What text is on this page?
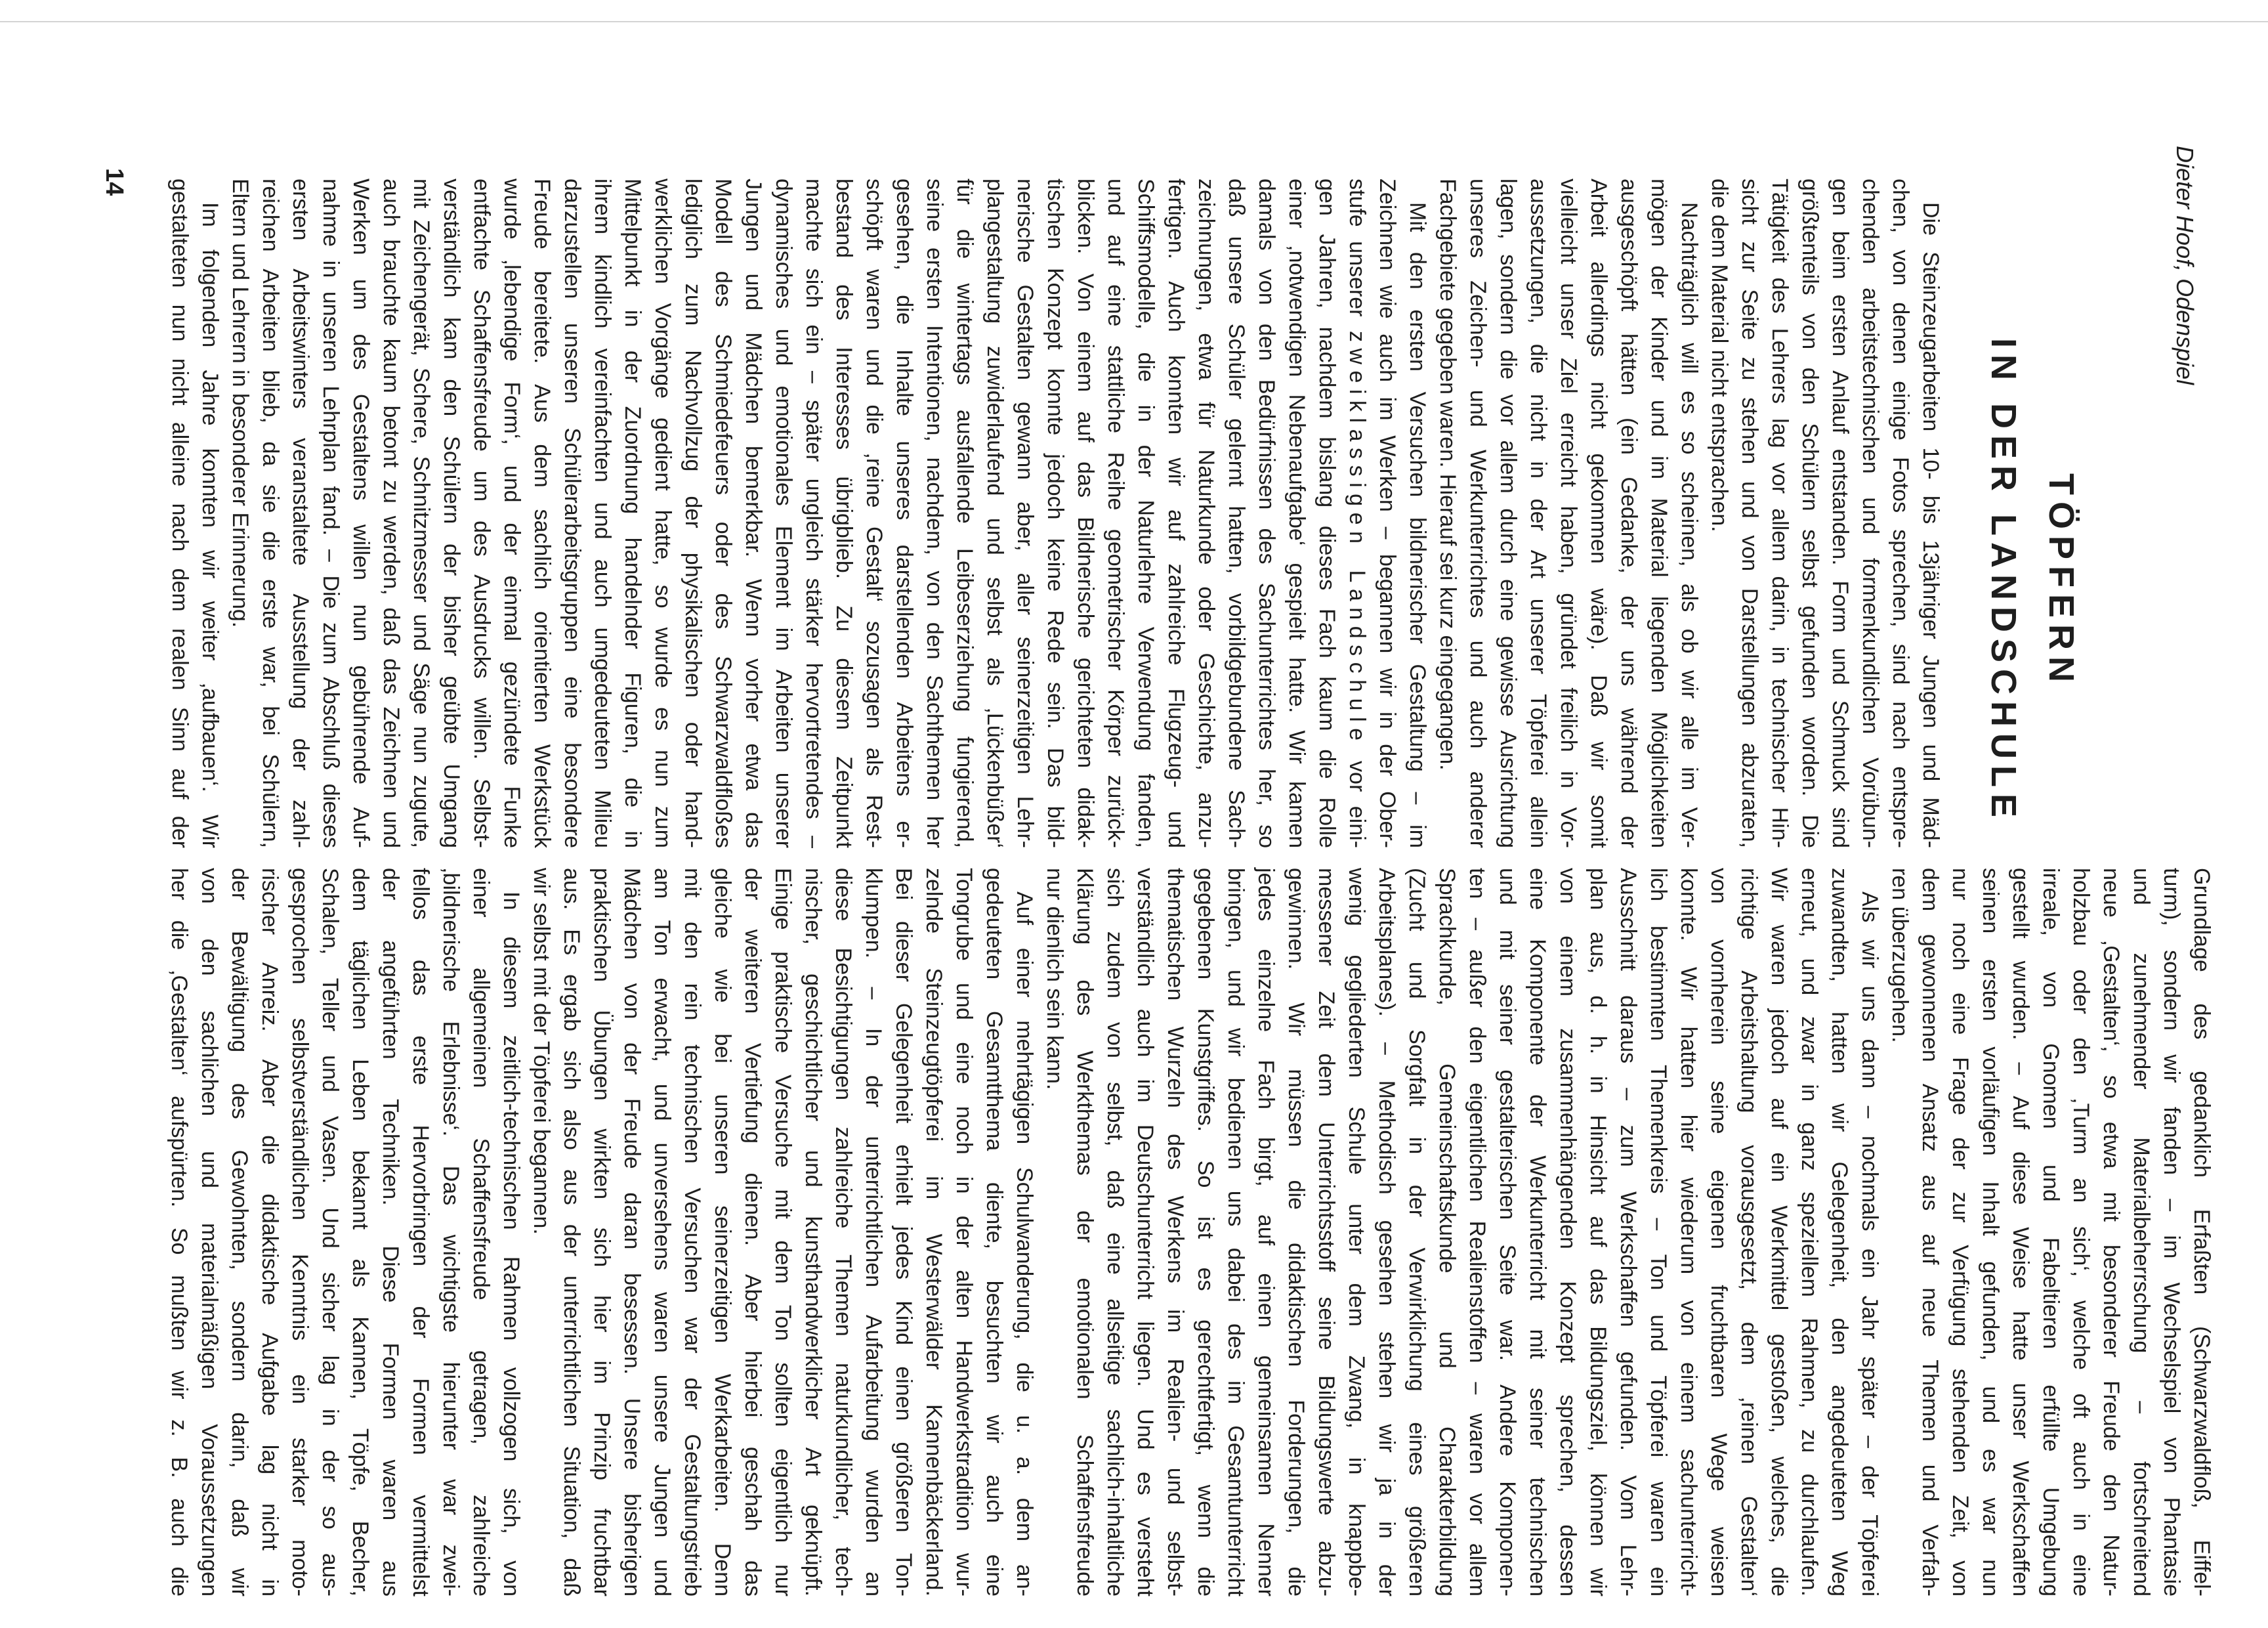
Dieter Hoof, Odenspiel
TÖPFERN
IN DER LANDSCHULE
Die Steinzeugarbeiten 10- bis 13jähriger Jungen und Mäd-
chen, von denen einige Fotos sprechen, sind nach entspre-
chenden arbeitstechnischen und formenkundlichen Vorübun-
gen beim ersten Anlauf entstanden. Form und Schmuck sind
größtenteils von den Schülern selbst gefunden worden. Die
Tätigkeit des Lehrers lag vor allem darin, in technischer Hin-
sicht zur Seite zu stehen und von Darstellungen abzuraten,
die dem Material nicht entsprachen.
Nachträglich will es so scheinen, als ob wir alle im Ver-
mögen der Kinder und im Material liegenden Möglichkeiten
ausgeschöpft hätten (ein Gedanke, der uns während der
Arbeit allerdings nicht gekommen wäre). Daß wir somit
vielleicht unser Ziel erreicht haben, gründet freilich in Vor-
aussetzungen, die nicht in der Art unserer Töpferei allein
lagen, sondern die vor allem durch eine gewisse Ausrichtung
unseres Zeichen- und Werkunterrichtes und auch anderer
Fachgebiete gegeben waren. Hierauf sei kurz eingegangen.
Mit den ersten Versuchen bildnerischer Gestaltung – im
Zeichnen wie auch im Werken – begannen wir in der Ober-
stufe unserer zweiklassigen Landschule vor eini-
gen Jahren, nachdem bislang dieses Fach kaum die Rolle
einer ‚notwendigen Nebenaufgabe‘ gespielt hatte. Wir kamen
damals von den Bedürfnissen des Sachunterrichtes her, so
daß unsere Schüler gelernt hatten, vorbildgebundene Sach-
zeichnungen, etwa für Naturkunde oder Geschichte, anzu-
fertigen. Auch konnten wir auf zahlreiche Flugzeug- und
Schiffsmodelle, die in der Naturlehre Verwendung fanden,
und auf eine stattliche Reihe geometrischer Körper zurück-
blicken. Von einem auf das Bildnerische gerichteten didak-
tischen Konzept konnte jedoch keine Rede sein. Das bild-
nerische Gestalten gewann aber, aller seinerzeitigen Lehr-
plangestaltung zuwiderlaufend und selbst als ‚Lückenbüßer‘
für die wintertags ausfallende Leibeserziehung fungierend,
seine ersten Intentionen, nachdem, von den Sachthemen her
gesehen, die Inhalte unseres darstellenden Arbeitens er-
schöpft waren und die ‚reine Gestalt‘ sozusagen als Rest-
bestand des Interesses übrigblieb. Zu diesem Zeitpunkt
machte sich ein – später ungleich stärker hervortretendes –
dynamisches und emotionales Element im Arbeiten unserer
Jungen und Mädchen bemerkbar. Wenn vorher etwa das
Modell des Schmiedefeuers oder des Schwarzwaldfloßes
lediglich zum Nachvollzug der physikalischen oder hand-
werklichen Vorgänge gedient hatte, so wurde es nun zum
Mittelpunkt in der Zuordnung handelnder Figuren, die in
ihrem kindlich vereinfachten und auch umgedeuteten Milieu
darzustellen unseren Schülerarbeitsgruppen eine besondere
Freude bereitete. Aus dem sachlich orientierten Werkstück
wurde ‚lebendige Form‘, und der einmal gezündete Funke
entfachte Schaffensfreude um des Ausdrucks willen. Selbst-
verständlich kam den Schülern der bisher geübte Umgang
mit Zeichengerät, Schere, Schnitzmesser und Säge nun zugute,
auch brauchte kaum betont zu werden, daß das Zeichnen und
Werken um des Gestaltens willen nun gebührende Auf-
nahme in unseren Lehrplan fand. – Die zum Abschluß dieses
ersten Arbeitswinters veranstaltete Ausstellung der zahl-
reichen Arbeiten blieb, da sie die erste war, bei Schülern,
Eltern und Lehrern in besonderer Erinnerung.
Im folgenden Jahre konnten wir weiter ‚aufbauen‘. Wir
gestalteten nun nicht alleine nach dem realen Sinn auf der
Grundlage des gedanklich Erfaßten (Schwarzwaldfloß, Eiffel-
turm), sondern wir fanden – im Wechselspiel von Phantasie
und zunehmender Materialbeherrschung – fortschreitend
neue ‚Gestalten‘, so etwa mit besonderer Freude den Natur-
holzbau oder den ‚Turm an sich‘, welche oft auch in eine
irreale, von Gnomen und Fabeltieren erfüllte Umgebung
gestellt wurden. – Auf diese Weise hatte unser Werkschaffen
seinen ersten vorläufigen Inhalt gefunden, und es war nun
nur noch eine Frage der zur Verfügung stehenden Zeit, von
dem gewonnenen Ansatz aus auf neue Themen und Verfah-
ren überzugehen.
Als wir uns dann – nochmals ein Jahr später – der Töpferei
zuwandten, hatten wir Gelegenheit, den angedeuteten Weg
erneut, und zwar in ganz speziellem Rahmen, zu durchlaufen.
Wir waren jedoch auf ein Werkmittel gestoßen, welches, die
richtige Arbeitshaltung vorausgesetzt, dem ‚reinen Gestalten‘
von vornherein seine eigenen fruchtbaren Wege weisen
konnte. Wir hatten hier wiederum von einem sachunterricht-
lich bestimmten Themenkreis – Ton und Töpferei waren ein
Ausschnitt daraus – zum Werkschaffen gefunden. Vom Lehr-
plan aus, d. h. in Hinsicht auf das Bildungsziel, können wir
von einem zusammenhängenden Konzept sprechen, dessen
eine Komponente der Werkunterricht mit seiner technischen
und mit seiner gestalterischen Seite war. Andere Komponen-
ten – außer den eigentlichen Realienstoffen – waren vor allem
Sprachkunde, Gemeinschaftskunde und Charakterbildung
(Zucht und Sorgfalt in der Verwirklichung eines größeren
Arbeitsplanes). – Methodisch gesehen stehen wir ja in der
wenig gegliederten Schule unter dem Zwang, in knappbe-
messener Zeit dem Unterrichtsstoff seine Bildungswerte abzu-
gewinnen. Wir müssen die didaktischen Forderungen, die
jedes einzelne Fach birgt, auf einen gemeinsamen Nenner
bringen, und wir bedienen uns dabei des im Gesamtunterricht
gegebenen Kunstgriffes. So ist es gerechtfertigt, wenn die
thematischen Wurzeln des Werkens im Realien- und selbst-
verständlich auch im Deutschunterricht liegen. Und es versteht
sich zudem von selbst, daß eine allseitige sachlich-inhaltliche
Klärung des Werkthemas der emotionalen Schaffensfreude
nur dienlich sein kann.
Auf einer mehrtägigen Schulwanderung, die u. a. dem an-
gedeuteten Gesamtthema diente, besuchten wir auch eine
Tongrube und eine noch in der alten Handwerkstradition wur-
zelnde Steinzeugtöpferei im Westerwälder Kannenbäckerland.
Bei dieser Gelegenheit erhielt jedes Kind einen größeren Ton-
klumpen. – In der unterrichtlichen Aufarbeitung wurden an
diese Besichtigungen zahlreiche Themen naturkundlicher, tech-
nischer, geschichtlicher und kunsthandwerklicher Art geknüpft.
Einige praktische Versuche mit dem Ton sollten eigentlich nur
der weiteren Vertiefung dienen. Aber hierbei geschah das
gleiche wie bei unseren seinerzeitigen Werkarbeiten. Denn
mit den rein technischen Versuchen war der Gestaltungstrieb
am Ton erwacht, und unversehens waren unsere Jungen und
Mädchen von der Freude daran besessen. Unsere bisherigen
praktischen Übungen wirkten sich hier im Prinzip fruchtbar
aus. Es ergab sich also aus der unterrichtlichen Situation, daß
wir selbst mit der Töpferei begannen.
In diesem zeitlich-technischen Rahmen vollzogen sich, von
einer allgemeinen Schaffensfreude getragen, zahlreiche
‚bildnerische Erlebnisse‘. Das wichtigste hierunter war zwei-
fellos das erste Hervorbringen der Formen vermittelst
der angeführten Techniken. Diese Formen waren aus
dem täglichen Leben bekannt als Kannen, Töpfe, Becher,
Schalen, Teller und Vasen. Und sicher lag in der so aus-
gesprochen selbstverständlichen Kenntnis ein starker moto-
rischer Anreiz. Aber die didaktische Aufgabe lag nicht in
der Bewältigung des Gewohnten, sondern darin, daß wir
von den sachlichen und materialmäßigen Voraussetzungen
her die ‚Gestalten‘ aufspürten. So mußten wir z. B. auch die
14
